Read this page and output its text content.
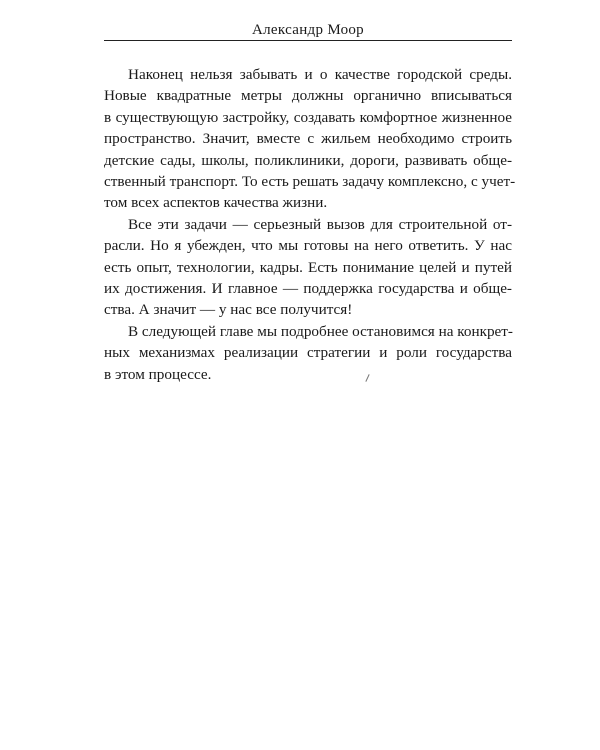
Александр Моор

Наконец нельзя забывать и о качестве городской среды.
Новые квадратные метры должны органично вписываться
в существующую застройку, создавать комфортное жизненное
пространство. Значит, вместе с жильем необходимо строить
детские сады, школы, поликлиники, дороги, развивать обще-
ственный транспорт. То есть решать задачу комплексно, с учет-
том всех аспектов качества жизни.

Все эти задачи — серьезный вызов для строительной от-
расли. Но я убежден, что мы готовы на него ответить. У нас
есть опыт, технологии, кадры. Есть понимание целей и путей
их достижения. И главное — поддержка государства и обще-
ства. А значит — у нас все получится!

В следующей главе мы подробнее остановимся на конкрет-
ных механизмах реализации стратегии и роли государства
в этом процессе.
